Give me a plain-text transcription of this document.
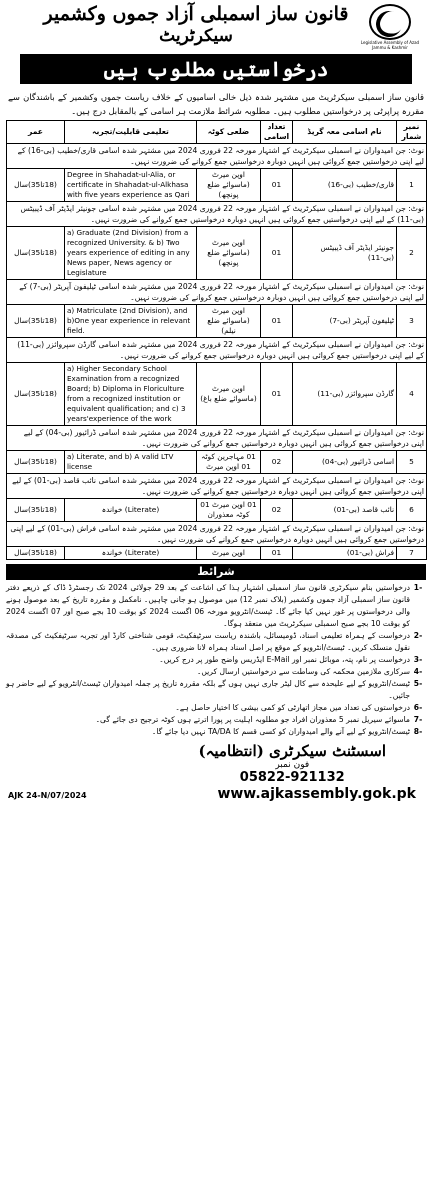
Legislative Assembly of Azad Jammu & Kashmir
قانون ساز اسمبلی آزاد جموں وکشمیر
سیکرٹریٹ
درخواستیں مطلوب ہیں
قانون ساز اسمبلی سیکرٹریٹ میں مشتہر شدہ ذیل خالی اسامیوں کے خلاف ریاست جموں وکشمیر کے باشندگان سے مقررہ پراپرٹی پر درخواستیں مطلوب ہیں۔ مطلوبہ شرائط ملازمت ہر اسامی کے بالمقابل درج ہیں۔
عمر	تعلیمی قابلیت/تجربہ	ضلعی کوٹہ	تعداد اسامی	نام اسامی معہ گریڈ	نمبر شمار
نوٹ: جن امیدواران نے اسمبلی سیکرٹریٹ کے اشتہار مورخہ 22 فروری 2024 میں مشتہر شدہ اسامی قاری/خطیب (بی-16) کے لیے اپنی درخواستیں جمع کروائی ہیں انہیں دوبارہ درخواستیں جمع کروانے کی ضرورت نہیں۔					
(18تا35)سال	Degree in Shahadat-ul-Alia, or certificate in Shahadat-ul-Alkhasa with five years experience as Qari	اوپن میرٹ (ماسوائے ضلع پونچھ)	01	قاری/خطیب (بی-16)	1
نوٹ: جن امیدواران نے اسمبلی سیکرٹریٹ کے اشتہار مورخہ 22 فروری 2024 میں مشتہر شدہ اسامی جونیئر ایڈیٹر آف ڈیبیٹس (بی-11) کے لیے اپنی درخواستیں جمع کروائی ہیں انہیں دوبارہ درخواستیں جمع کروانے کی ضرورت نہیں۔					
(18تا35)سال	a) Graduate (2nd Division) from a recognized University. & b) Two years experience of editing in any News paper, News agency or Legislature	اوپن میرٹ (ماسوائے ضلع پونچھ)	01	جونیئر ایڈیٹر آف ڈیبیٹس (بی-11)	2
نوٹ: جن امیدواران نے اسمبلی سیکرٹریٹ کے اشتہار مورخہ 22 فروری 2024 میں مشتہر شدہ اسامی ٹیلیفون آپریٹر (بی-7) کے لیے اپنی درخواستیں جمع کروائی ہیں انہیں دوبارہ درخواستیں جمع کروانے کی ضرورت نہیں۔					
(18تا35)سال	a) Matriculate (2nd Division), and b)One year experience in relevant field.	اوپن میرٹ (ماسوائے ضلع نیلم)	01	ٹیلیفون آپریٹر (بی-7)	3
نوٹ: جن امیدواران نے اسمبلی سیکرٹریٹ کے اشتہار مورخہ 22 فروری 2024 میں مشتہر شدہ اسامی گارڈن سپروائزر (بی-11) کے لیے اپنی درخواستیں جمع کروائی ہیں انہیں دوبارہ درخواستیں جمع کروانے کی ضرورت نہیں۔					
(18تا35)سال	a) Higher Secondary School Examination from a recognized Board; b) Diploma in Floriculture from a recognized institution or equivalent qualification; and c) 3 years'experience of the work	اوپن میرٹ (ماسوائے ضلع باغ)	01	گارڈن سپروائزر (بی-11)	4
نوٹ: جن امیدواران نے اسمبلی سیکرٹریٹ کے اشتہار مورخہ 22 فروری 2024 میں مشتہر شدہ اسامی ڈرائیور (بی-04) کے لیے اپنی درخواستیں جمع کروائی ہیں انہیں دوبارہ درخواستیں جمع کروانے کی ضرورت نہیں۔					
(18تا35)سال	a) Literate, and b) A valid LTV license	01 مہاجرین کوٹہ 01 اوپن میرٹ	02	اسامی ڈرائیور (بی-04)	5
نوٹ: جن امیدواران نے اسمبلی سیکرٹریٹ کے اشتہار مورخہ 22 فروری 2024 میں مشتہر شدہ اسامی نائب قاصد (بی-01) کے لیے اپنی درخواستیں جمع کروائی ہیں انہیں دوبارہ درخواستیں جمع کروانے کی ضرورت نہیں۔					
(18تا35)سال	(Literate) خواندہ	01 اوپن میرٹ 01 کوٹہ معذوران	02	نائب قاصد (بی-01)	6
نوٹ: جن امیدواران نے اسمبلی سیکرٹریٹ کے اشتہار مورخہ 22 فروری 2024 میں مشتہر شدہ اسامی فراش (بی-01) کے لیے اپنی درخواستیں جمع کروائی ہیں انہیں دوبارہ درخواستیں جمع کروانے کی ضرورت نہیں۔					
(18تا35)سال	(Literate) خواندہ	اوپن میرٹ	01	فراش (بی-01)	7
شرائط
-1
درخواستیں بنام سیکرٹری قانون ساز اسمبلی اشتہار ہذا کی اشاعت کے بعد 29 جولائی 2024 تک رجسٹرڈ ڈاک کے ذریعے دفتر قانون ساز اسمبلی آزاد جموں وکشمیر (بلاک نمبر 12) میں موصول ہو جانی چاہیں۔ نامکمل و مقررہ تاریخ کے بعد موصول ہونے والی درخواستوں پر غور نہیں کیا جائے گا۔ ٹیسٹ/انٹرویو مورخہ 06 اگست 2024 کو بوقت 10 بجے صبح اور 07 اگست 2024 کو بوقت 10 بجے صبح اسمبلی سیکرٹریٹ میں منعقد ہوگا۔
-2
درخواست کے ہمراہ تعلیمی اسناد، ڈومیسائل، باشندہ ریاست سرٹیفکیٹ، قومی شناختی کارڈ اور تجربہ سرٹیفکیٹ کی مصدقہ نقول منسلک کریں۔ ٹیسٹ/انٹرویو کے موقع پر اصل اسناد ہمراہ لانا ضروری ہیں۔
-3
درخواست پر نام، پتہ، موبائل نمبر اور E-Mail ایڈریس واضح طور پر درج کریں۔
-4
سرکاری ملازمین محکمہ کی وساطت سے درخواستیں ارسال کریں۔
-5
ٹیسٹ/انٹرویو کے لیے علیحدہ سے کال لیٹر جاری نہیں ہوں گے بلکہ مقررہ تاریخ پر جملہ امیدواران ٹیسٹ/انٹرویو کے لیے حاضر ہو جائیں۔
-6
درخواستوں کی تعداد میں مجاز اتھارٹی کو کمی بیشی کا اختیار حاصل ہے۔
-7
ماسوائے سیریل نمبر 5 معذوران افراد جو مطلوبہ اہلیت پر پورا اترتے ہوں کوٹہ ترجیح دی جائے گی۔
-8
ٹیسٹ/انٹرویو کے لیے آنے والے امیدواران کو کسی قسم کا TA/DA نہیں دیا جائے گا۔
اسسٹنٹ سیکرٹری (انتظامیہ)
فون نمبر
05822-921132
www.ajkassembly.gok.pk
AJK 24-N/07/2024
